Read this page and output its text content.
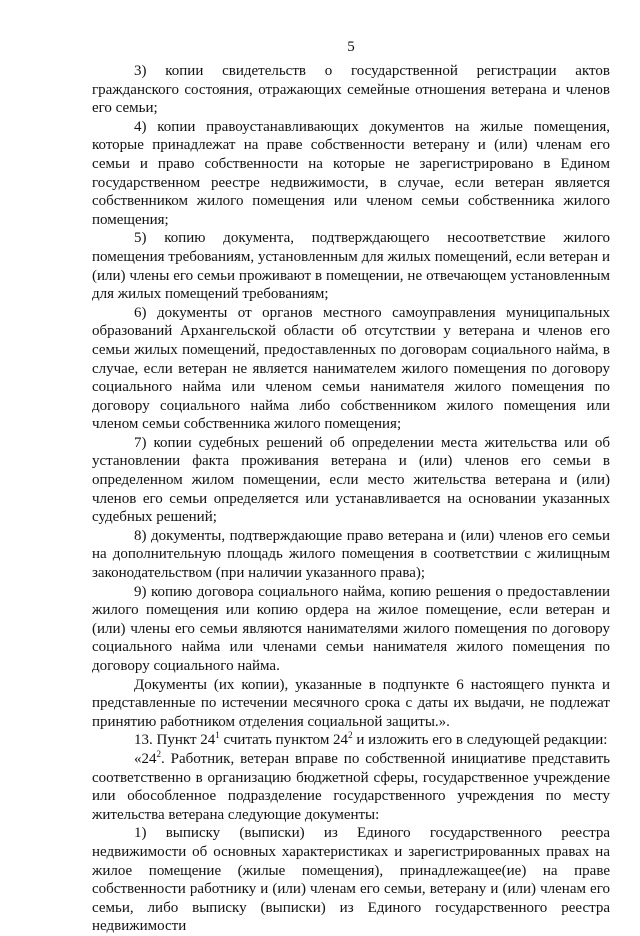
5

3) копии свидетельств о государственной регистрации актов гражданского состояния, отражающих семейные отношения ветерана и членов его семьи;

4) копии правоустанавливающих документов на жилые помещения, которые принадлежат на праве собственности ветерану и (или) членам его семьи и право собственности на которые не зарегистрировано в Едином государственном реестре недвижимости, в случае, если ветеран является собственником жилого помещения или членом семьи собственника жилого помещения;

5) копию документа, подтверждающего несоответствие жилого помещения требованиям, установленным для жилых помещений, если ветеран и (или) члены его семьи проживают в помещении, не отвечающем установленным для жилых помещений требованиям;

6) документы от органов местного самоуправления муниципальных образований Архангельской области об отсутствии у ветерана и членов его семьи жилых помещений, предоставленных по договорам социального найма, в случае, если ветеран не является нанимателем жилого помещения по договору социального найма или членом семьи нанимателя жилого помещения по договору социального найма либо собственником жилого помещения или членом семьи собственника жилого помещения;

7) копии судебных решений об определении места жительства или об установлении факта проживания ветерана и (или) членов его семьи в определенном жилом помещении, если место жительства ветерана и (или) членов его семьи определяется или устанавливается на основании указанных судебных решений;

8) документы, подтверждающие право ветерана и (или) членов его семьи на дополнительную площадь жилого помещения в соответствии с жилищным законодательством (при наличии указанного права);

9) копию договора социального найма, копию решения о предоставлении жилого помещения или копию ордера на жилое помещение, если ветеран и (или) члены его семьи являются нанимателями жилого помещения по договору социального найма или членами семьи нанимателя жилого помещения по договору социального найма.

Документы (их копии), указанные в подпункте 6 настоящего пункта и представленные по истечении месячного срока с даты их выдачи, не подлежат принятию работником отделения социальной защиты.».

13. Пункт $24^1$ считать пунктом $24^2$ и изложить его в следующей редакции:

«$24^2$. Работник, ветеран вправе по собственной инициативе представить соответственно в организацию бюджетной сферы, государственное учреждение или обособленное подразделение государственного учреждения по месту жительства ветерана следующие документы:

1) выписку (выписки) из Единого государственного реестра недвижимости об основных характеристиках и зарегистрированных правах на жилое помещение (жилые помещения), принадлежащее(ие) на праве собственности работнику и (или) членам его семьи, ветерану и (или) членам его семьи, либо выписку (выписки) из Единого государственного реестра недвижимости
